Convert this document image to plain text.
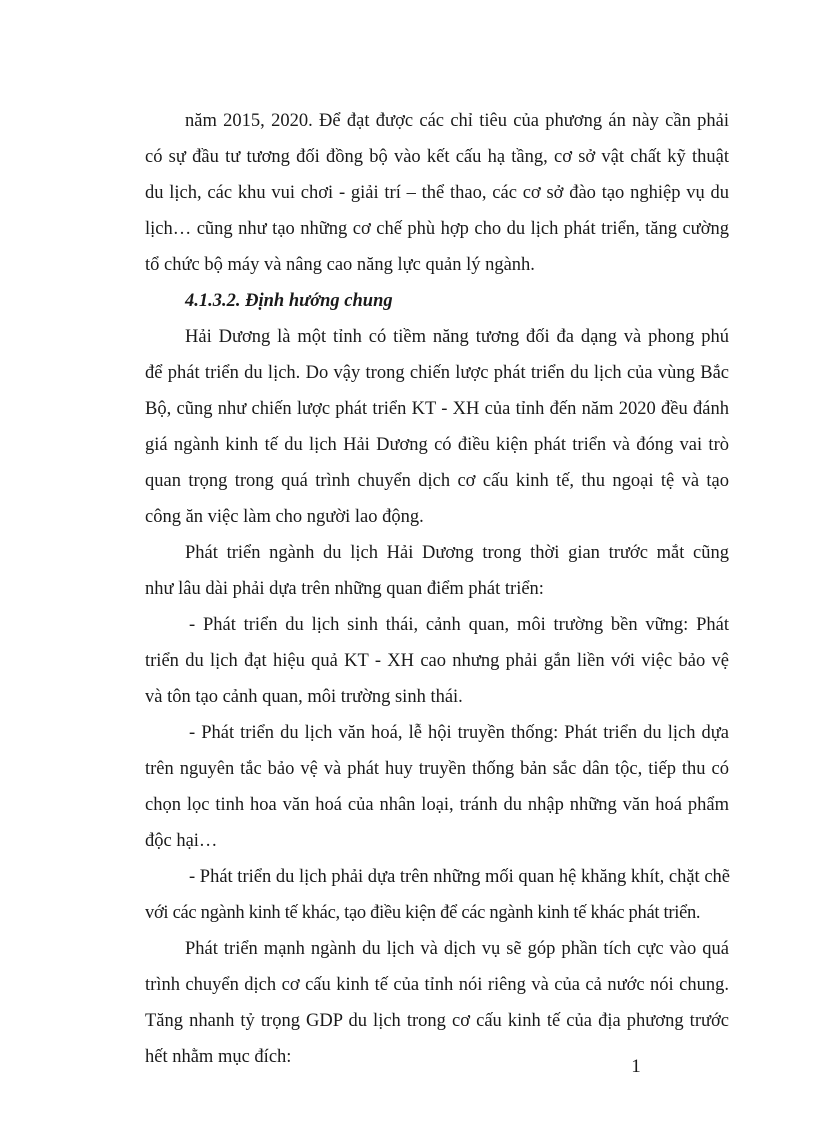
năm 2015, 2020. Để đạt được các chỉ tiêu của phương án này cần phải
có sự đầu tư tương đối đồng bộ vào kết cấu hạ tầng, cơ sở vật chất kỹ thuật
du lịch, các khu vui chơi - giải trí – thể thao, các cơ sở đào tạo nghiệp vụ du
lịch… cũng như tạo những cơ chế phù hợp cho du lịch phát triển, tăng cường
tổ chức bộ máy và nâng cao năng lực quản lý ngành.
4.1.3.2. Định hướng chung
Hải Dương là một tỉnh có tiềm năng tương đối đa dạng và phong phú
để phát triển du lịch. Do vậy trong chiến lược phát triển du lịch của vùng Bắc
Bộ, cũng như chiến lược phát triển KT - XH của tỉnh đến năm 2020 đều đánh
giá ngành kinh tế du lịch Hải Dương có điều kiện phát triển và đóng vai trò
quan trọng trong quá trình chuyển dịch cơ cấu kinh tế, thu ngoại tệ và tạo
công ăn việc làm cho người lao động.
Phát triển ngành du lịch Hải Dương trong thời gian trước mắt cũng
như lâu dài phải dựa trên những quan điểm phát triển:
- Phát triển du lịch sinh thái, cảnh quan, môi trường bền vững: Phát
triển du lịch đạt hiệu quả KT - XH cao nhưng phải gắn liền với việc bảo vệ
và tôn tạo cảnh quan, môi trường sinh thái.
- Phát triển du lịch văn hoá, lễ hội truyền thống: Phát triển du lịch dựa
trên nguyên tắc bảo vệ và phát huy truyền thống bản sắc dân tộc, tiếp thu có
chọn lọc tinh hoa văn hoá của nhân loại, tránh du nhập những văn hoá phẩm
độc hại…
- Phát triển du lịch phải dựa trên những mối quan hệ khăng khít, chặt chẽ
với các ngành kinh tế khác, tạo điều kiện để các ngành kinh tế khác phát triển.
Phát triển mạnh ngành du lịch và dịch vụ sẽ góp phần tích cực vào quá
trình chuyển dịch cơ cấu kinh tế của tỉnh nói riêng và của cả nước nói chung.
Tăng nhanh tỷ trọng GDP du lịch trong cơ cấu kinh tế của địa phương trước
hết nhằm mục đích:	1
